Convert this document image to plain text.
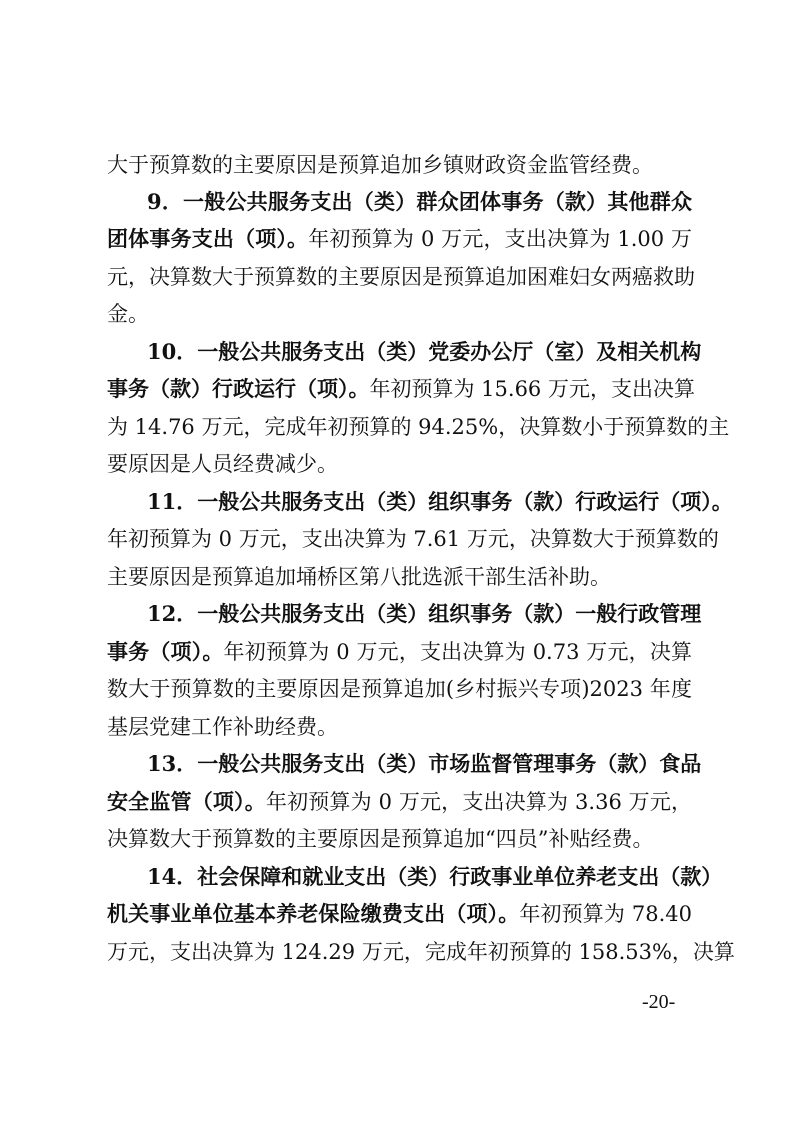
大于预算数的主要原因是预算追加乡镇财政资金监管经费。
9．一般公共服务支出（类）群众团体事务（款）其他群众
团体事务支出（项）。年初预算为 0 万元，支出决算为 1.00 万
元，决算数大于预算数的主要原因是预算追加困难妇女两癌救助
金。
10．一般公共服务支出（类）党委办公厅（室）及相关机构
事务（款）行政运行（项）。年初预算为 15.66 万元，支出决算
为 14.76 万元，完成年初预算的 94.25%，决算数小于预算数的主
要原因是人员经费减少。
11．一般公共服务支出（类）组织事务（款）行政运行（项）。
年初预算为 0 万元，支出决算为 7.61 万元，决算数大于预算数的
主要原因是预算追加埇桥区第八批选派干部生活补助。
12．一般公共服务支出（类）组织事务（款）一般行政管理
事务（项）。年初预算为 0 万元，支出决算为 0.73 万元，决算
数大于预算数的主要原因是预算追加(乡村振兴专项)2023 年度
基层党建工作补助经费。
13．一般公共服务支出（类）市场监督管理事务（款）食品
安全监管（项）。年初预算为 0 万元，支出决算为 3.36 万元，
决算数大于预算数的主要原因是预算追加“四员”补贴经费。
14．社会保障和就业支出（类）行政事业单位养老支出（款）
机关事业单位基本养老保险缴费支出（项）。年初预算为 78.40
万元，支出决算为 124.29 万元，完成年初预算的 158.53%，决算
-20-
